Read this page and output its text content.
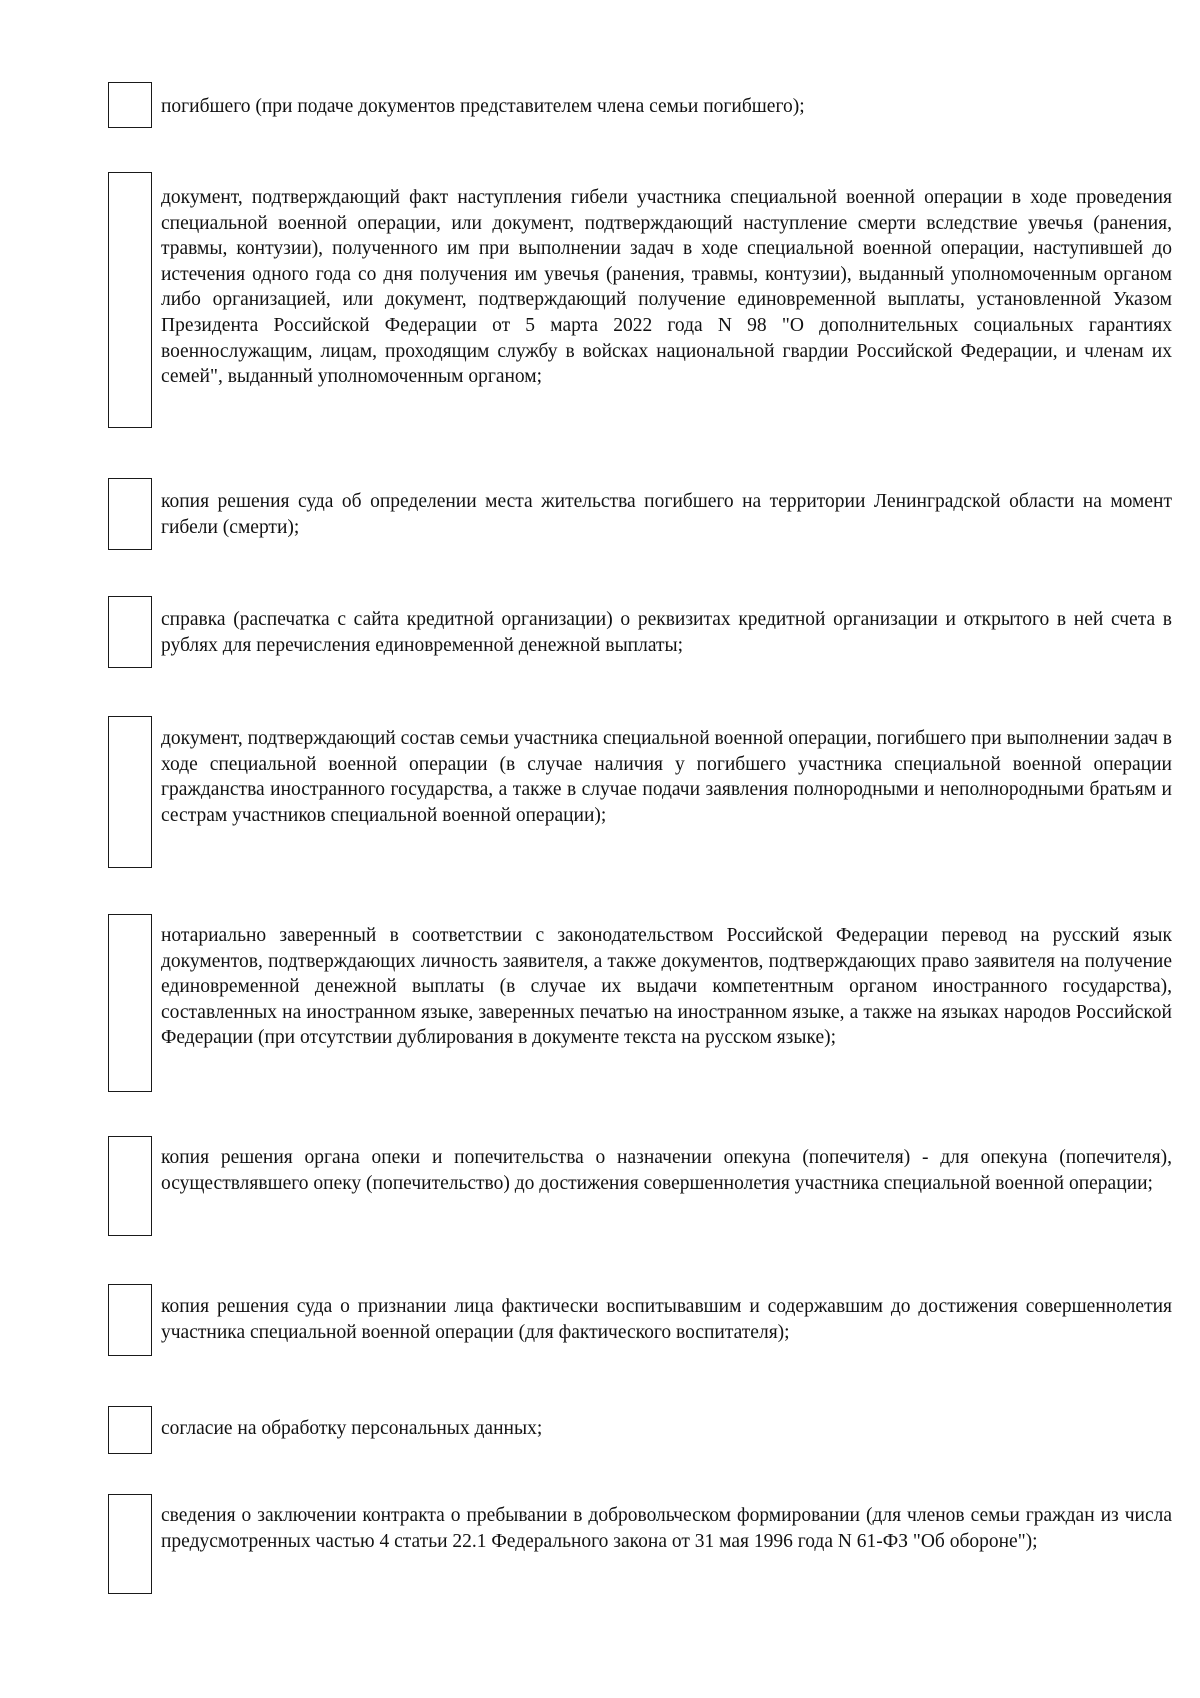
погибшего (при подаче документов представителем члена семьи погибшего);

документ, подтверждающий факт наступления гибели участника специальной военной операции в ходе проведения специальной военной операции, или документ, подтверждающий наступление смерти вследствие увечья (ранения, травмы, контузии), полученного им при выполнении задач в ходе специальной военной операции, наступившей до истечения одного года со дня получения им увечья (ранения, травмы, контузии), выданный уполномоченным органом либо организацией, или документ, подтверждающий получение единовременной выплаты, установленной Указом Президента Российской Федерации от 5 марта 2022 года N 98 "О дополнительных социальных гарантиях военнослужащим, лицам, проходящим службу в войсках национальной гвардии Российской Федерации, и членам их семей", выданный уполномоченным органом;

копия решения суда об определении места жительства погибшего на территории Ленинградской области на момент гибели (смерти);

справка (распечатка с сайта кредитной организации) о реквизитах кредитной организации и открытого в ней счета в рублях для перечисления единовременной денежной выплаты;

документ, подтверждающий состав семьи участника специальной военной операции, погибшего при выполнении задач в ходе специальной военной операции (в случае наличия у погибшего участника специальной военной операции гражданства иностранного государства, а также в случае подачи заявления полнородными и неполнородными братьям и сестрам участников специальной военной операции);

нотариально заверенный в соответствии с законодательством Российской Федерации перевод на русский язык документов, подтверждающих личность заявителя, а также документов, подтверждающих право заявителя на получение единовременной денежной выплаты (в случае их выдачи компетентным органом иностранного государства), составленных на иностранном языке, заверенных печатью на иностранном языке, а также на языках народов Российской Федерации (при отсутствии дублирования в документе текста на русском языке);

копия решения органа опеки и попечительства о назначении опекуна (попечителя) - для опекуна (попечителя), осуществлявшего опеку (попечительство) до достижения совершеннолетия участника специальной военной операции;

копия решения суда о признании лица фактически воспитывавшим и содержавшим до достижения совершеннолетия участника специальной военной операции (для фактического воспитателя);

согласие на обработку персональных данных;

сведения о заключении контракта о пребывании в добровольческом формировании (для членов семьи граждан из числа предусмотренных частью 4 статьи 22.1 Федерального закона от 31 мая 1996 года N 61-ФЗ "Об обороне");
